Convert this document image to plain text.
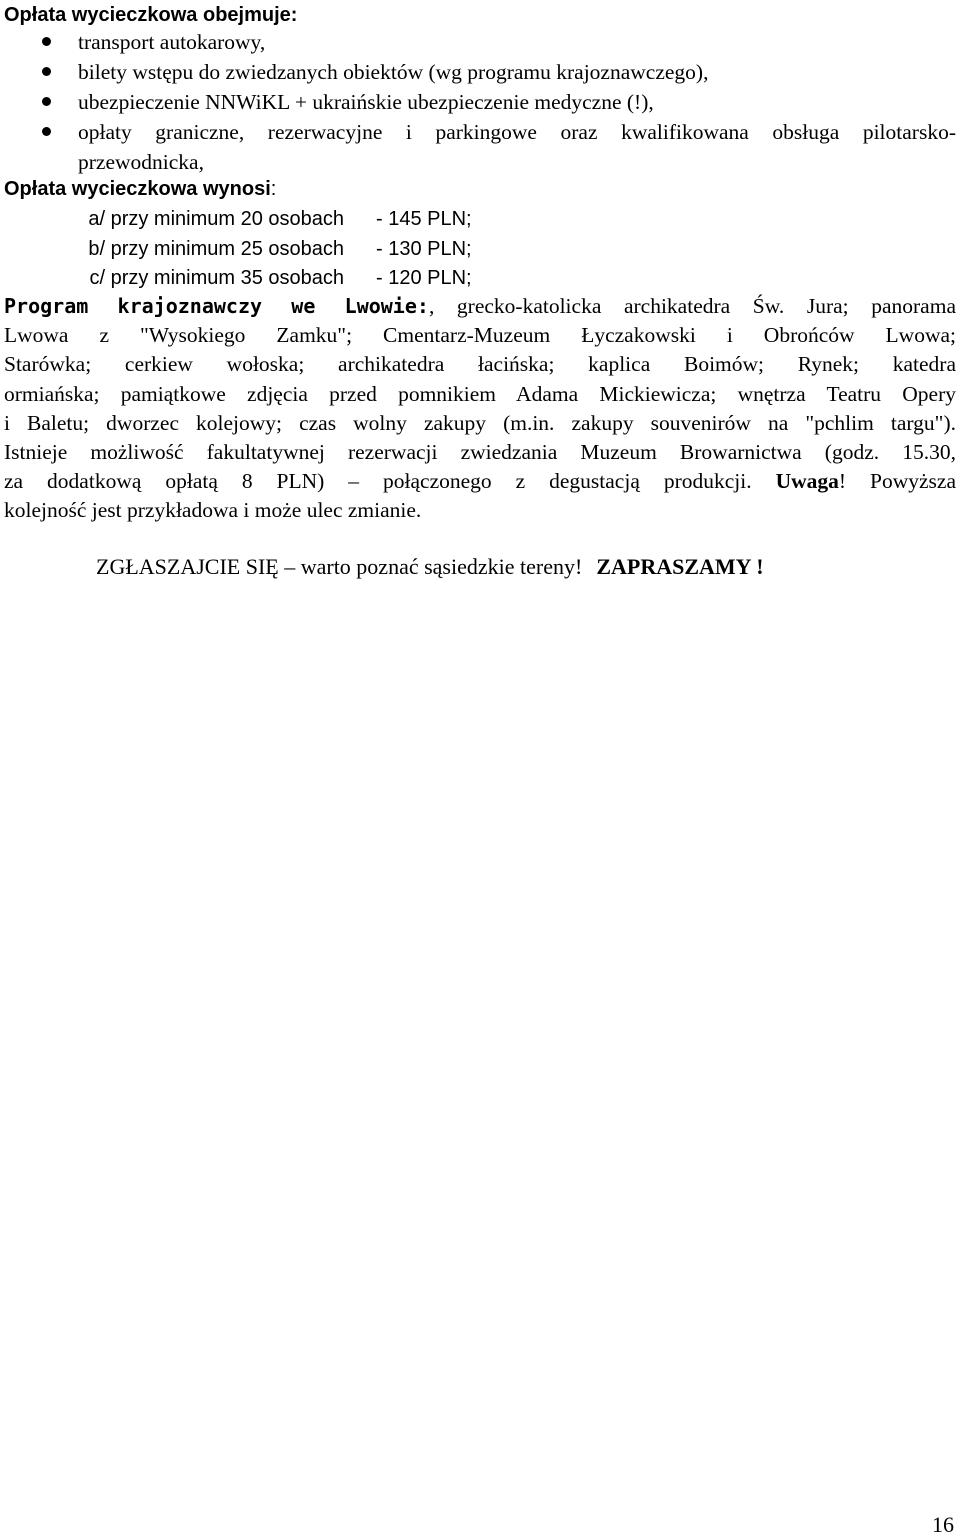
Opłata wycieczkowa obejmuje:
transport autokarowy,
bilety wstępu do zwiedzanych obiektów (wg programu krajoznawczego),
ubezpieczenie NNWiKL + ukraińskie ubezpieczenie medyczne (!),
opłaty graniczne, rezerwacyjne i parkingowe oraz kwalifikowana obsługa pilotarsko-
przewodnicka,
Opłata wycieczkowa wynosi:
a/ przy minimum 20 osobach - 145 PLN;
b/ przy minimum 25 osobach - 130 PLN;
c/ przy minimum 35 osobach - 120 PLN;
Program krajoznawczy we Lwowie:, grecko-katolicka archikatedra Św. Jura; panorama
Lwowa z "Wysokiego Zamku"; Cmentarz-Muzeum Łyczakowski i Obrońców Lwowa;
Starówka; cerkiew wołoska; archikatedra łacińska; kaplica Boimów; Rynek; katedra
ormiańska; pamiątkowe zdjęcia przed pomnikiem Adama Mickiewicza; wnętrza Teatru Opery
i Baletu; dworzec kolejowy; czas wolny zakupy (m.in. zakupy souvenirów na "pchlim targu").
Istnieje możliwość fakultatywnej rezerwacji zwiedzania Muzeum Browarnictwa (godz. 15.30,
za dodatkową opłatą 8 PLN) – połączonego z degustacją produkcji. Uwaga! Powyższa
kolejność jest przykładowa i może ulec zmianie.
ZGŁASZAJCIE SIĘ – warto poznać sąsiedzkie tereny! ZAPRASZAMY !
16
